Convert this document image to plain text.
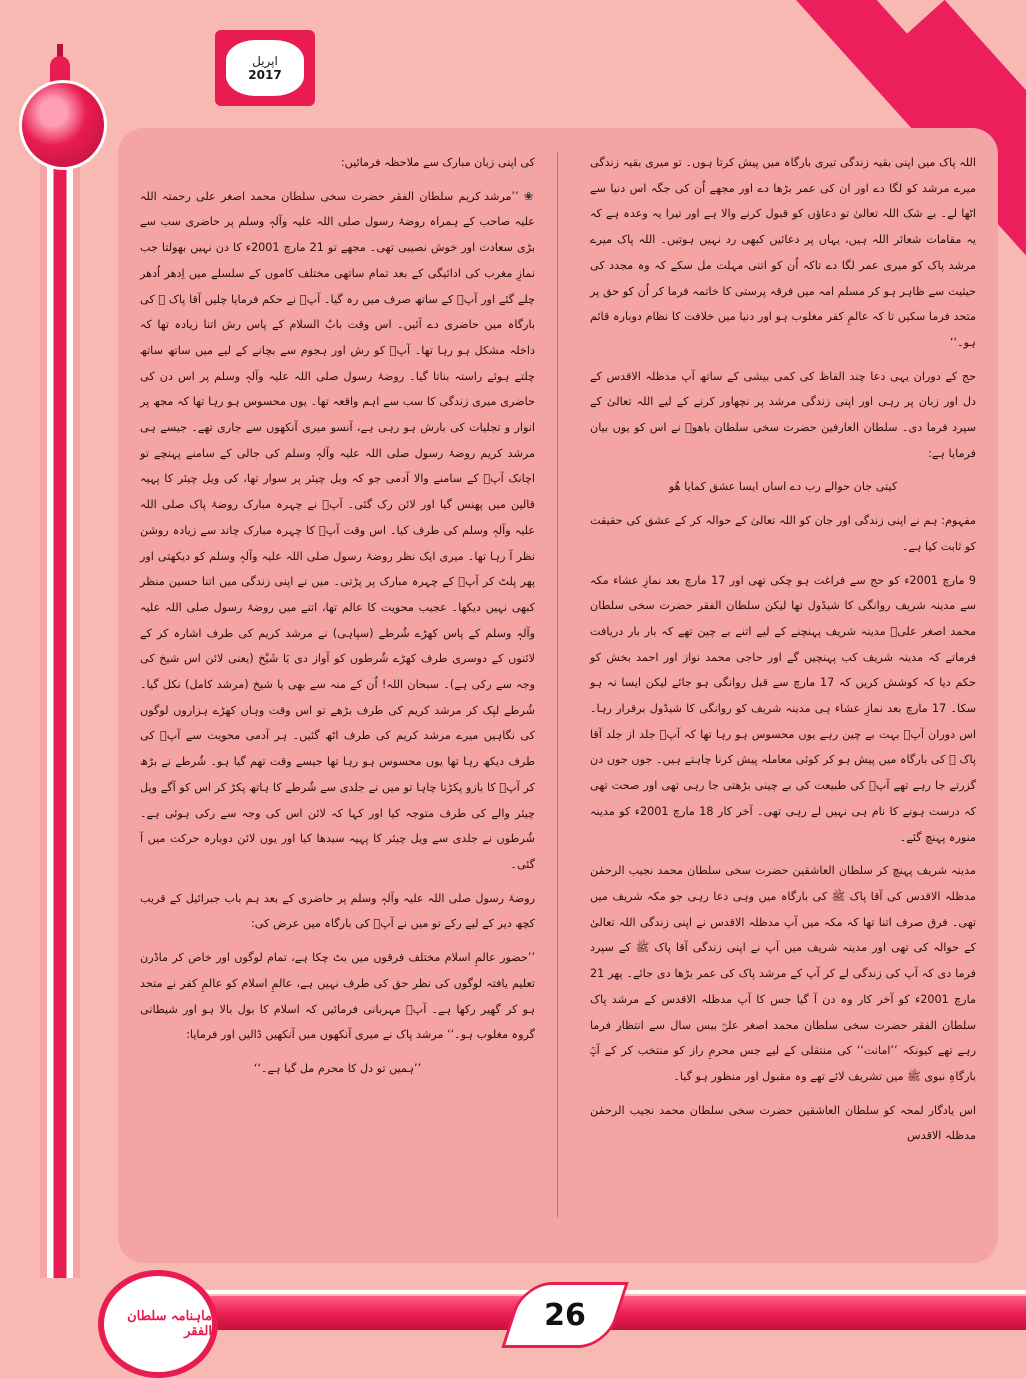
اپریل
2017

اللہ پاک میں اپنی بقیہ زندگی تیری بارگاہ میں پیش کرتا ہوں۔ تو میری بقیہ زندگی میرے مرشد کو لگا دے اور ان کی عمر بڑھا دے اور مجھے اُن کی جگہ اس دنیا سے اٹھا لے۔ بے شک اللہ تعالیٰ تو دعاؤں کو قبول کرنے والا ہے اور تیرا یہ وعدہ ہے کہ یہ مقامات شعائر اللہ ہیں، یہاں پر دعائیں کبھی رد نہیں ہوتیں۔ اللہ پاک میرے مرشد پاک کو میری عمر لگا دے تاکہ اُن کو اتنی مہلت مل سکے کہ وہ مجدد کی حیثیت سے ظاہر ہو کر مسلم امہ میں فرقہ پرستی کا خاتمہ فرما کر اُن کو حق پر متحد فرما سکیں تا کہ عالمِ کفر مغلوب ہو اور دنیا میں خلافت کا نظام دوبارہ قائم ہو۔‘‘

حج کے دوران یہی دعا چند الفاظ کی کمی بیشی کے ساتھ آپ مدظلہ الاقدس کے دل اور زبان پر رہی اور اپنی زندگی مرشد پر نچھاور کرنے کے لیے اللہ تعالیٰ کے سپرد فرما دی۔ سلطان العارفین حضرت سخی سلطان باھوؒ نے اس کو یوں بیان فرمایا ہے:

کیتی جان حوالے رب دے اساں ایسا عشق کمایا ھُو

مفہوم: ہم نے اپنی زندگی اور جان کو اللہ تعالیٰ کے حوالہ کر کے عشق کی حقیقت کو ثابت کیا ہے۔

9 مارچ 2001ء کو حج سے فراغت ہو چکی تھی اور 17 مارچ بعد نمازِ عشاء مکہ سے مدینہ شریف روانگی کا شیڈول تھا لیکن سلطان الفقر حضرت سخی سلطان محمد اصغر علیؒ مدینہ شریف پہنچنے کے لیے اتنے بے چین تھے کہ بار بار دریافت فرماتے کہ مدینہ شریف کب پہنچیں گے اور حاجی محمد نواز اور احمد بخش کو حکم دیا کہ کوشش کریں کہ 17 مارچ سے قبل روانگی ہو جائے لیکن ایسا نہ ہو سکا۔ 17 مارچ بعد نمازِ عشاء ہی مدینہ شریف کو روانگی کا شیڈول برقرار رہا۔ اس دوران آپؒ بہت بے چین رہے یوں محسوس ہو رہا تھا کہ آپؒ جلد از جلد آقا پاک ﷺ کی بارگاہ میں پیش ہو کر کوئی معاملہ پیش کرنا چاہتے ہیں۔ جوں جوں دن گزرتے جا رہے تھے آپؒ کی طبیعت کی بے چینی بڑھتی جا رہی تھی اور صحت تھی کہ درست ہونے کا نام ہی نہیں لے رہی تھی۔ آخر کار 18 مارچ 2001ء کو مدینہ منورہ پہنچ گئے۔

مدینہ شریف پہنچ کر سلطان العاشقین حضرت سخی سلطان محمد نجیب الرحمٰن مدظلہ الاقدس کی آقا پاک ﷺ کی بارگاہ میں وہی دعا رہی جو مکہ شریف میں تھی۔ فرق صرف اتنا تھا کہ مکہ میں آپ مدظلہ الاقدس نے اپنی زندگی اللہ تعالیٰ کے حوالہ کی تھی اور مدینہ شریف میں آپ نے اپنی زندگی آقا پاک ﷺ کے سپرد فرما دی کہ آپ کی زندگی لے کر آپ کے مرشد پاک کی عمر بڑھا دی جائے۔ پھر 21 مارچ 2001ء کو آخر کار وہ دن آ گیا جس کا آپ مدظلہ الاقدس کے مرشد پاک سلطان الفقر حضرت سخی سلطان محمد اصغر علیؒ بیس سال سے انتظار فرما رہے تھے کیونکہ ’’امانت‘‘ کی منتقلی کے لیے جس محرمِ راز کو منتخب کر کے آپؒ بارگاہِ نبوی ﷺ میں تشریف لائے تھے وہ مقبول اور منظور ہو گیا۔

اس یادگار لمحہ کو سلطان العاشقین حضرت سخی سلطان محمد نجیب الرحمٰن مدظلہ الاقدس

کی اپنی زبان مبارک سے ملاحظہ فرمائیں:

❀ ’’مرشد کریم سلطان الفقر حضرت سخی سلطان محمد اصغر علی رحمتہ اللہ علیہ صاحب کے ہمراہ روضۂ رسول صلی اللہ علیہ وآلہٖ وسلم پر حاضری سب سے بڑی سعادت اور خوش نصیبی تھی۔ مجھے تو 21 مارچ 2001ء کا دن نہیں بھولتا جب نمازِ مغرب کی ادائیگی کے بعد تمام ساتھی مختلف کاموں کے سلسلے میں اِدھر اُدھر چلے گئے اور آپؒ کے ساتھ صرف میں رہ گیا۔ آپؒ نے حکم فرمایا چلیں آقا پاک ﷺ کی بارگاہ میں حاضری دے آئیں۔ اس وقت بابُ السلام کے پاس رش اتنا زیادہ تھا کہ داخلہ مشکل ہو رہا تھا۔ آپؒ کو رش اور ہجوم سے بچانے کے لیے میں ساتھ ساتھ چلتے ہوئے راستہ بناتا گیا۔ روضۂ رسول صلی اللہ علیہ وآلہٖ وسلم پر اس دن کی حاضری میری زندگی کا سب سے اہم واقعہ تھا۔ یوں محسوس ہو رہا تھا کہ مجھ پر انوار و تجلیات کی بارش ہو رہی ہے، آنسو میری آنکھوں سے جاری تھے۔ جیسے ہی مرشد کریم روضۂ رسول صلی اللہ علیہ وآلہٖ وسلم کی جالی کے سامنے پہنچے تو اچانک آپؒ کے سامنے والا آدمی جو کہ ویل چیئر پر سوار تھا، کی ویل چیئر کا پہیہ قالین میں پھنس گیا اور لائن رک گئی۔ آپؒ نے چہرہ مبارک روضۂ پاک صلی اللہ علیہ وآلہٖ وسلم کی طرف کیا۔ اس وقت آپؒ کا چہرہ مبارک چاند سے زیادہ روشن نظر آ رہا تھا۔ میری ایک نظر روضۂ رسول صلی اللہ علیہ وآلہٖ وسلم کو دیکھتی اور پھر پلٹ کر آپؒ کے چہرہ مبارک پر پڑتی۔ میں نے اپنی زندگی میں اتنا حسین منظر کبھی نہیں دیکھا۔ عجیب محویت کا عالم تھا، اتنے میں روضۂ رسول صلی اللہ علیہ وآلہٖ وسلم کے پاس کھڑے شُرطے (سپاہی) نے مرشد کریم کی طرف اشارہ کر کے لائنوں کے دوسری طرف کھڑے شُرطوں کو آواز دی یَا شَیْخ (یعنی لائن اس شیخ کی وجہ سے رکی ہے)۔ سبحان اللہ! اُن کے منہ سے بھی یا شیخ (مرشد کامل) نکل گیا۔ شُرطے لپک کر مرشد کریم کی طرف بڑھے تو اس وقت وہاں کھڑے ہزاروں لوگوں کی نگاہیں میرے مرشد کریم کی طرف اٹھ گئیں۔ ہر آدمی محویت سے آپؒ کی طرف دیکھ رہا تھا یوں محسوس ہو رہا تھا جیسے وقت تھم گیا ہو۔ شُرطے نے بڑھ کر آپؒ کا بازو پکڑنا چاہا تو میں نے جلدی سے شُرطے کا ہاتھ پکڑ کر اس کو آگے ویل چیئر والے کی طرف متوجہ کیا اور کہا کہ لائن اس کی وجہ سے رکی ہوئی ہے۔ شُرطوں نے جلدی سے ویل چیئر کا پہیہ سیدھا کیا اور یوں لائن دوبارہ حرکت میں آ گئی۔

روضۂ رسول صلی اللہ علیہ وآلہٖ وسلم پر حاضری کے بعد ہم باب جبرائیل کے قریب کچھ دیر کے لیے رکے تو میں نے آپؒ کی بارگاہ میں عرض کی:

’’حضور عالمِ اسلام مختلف فرقوں میں بٹ چکا ہے، تمام لوگوں اور خاص کر ماڈرن تعلیم یافتہ لوگوں کی نظر حق کی طرف نہیں ہے، عالمِ اسلام کو عالمِ کفر نے متحد ہو کر گھیر رکھا ہے۔ آپؒ مہربانی فرمائیں کہ اسلام کا بول بالا ہو اور شیطانی گروہ مغلوب ہو۔‘‘ مرشد پاک نے میری آنکھوں میں آنکھیں ڈالیں اور فرمایا:

’’ہمیں تو دل کا محرم مل گیا ہے۔‘‘

26
ماہنامہ سلطان الفقر
